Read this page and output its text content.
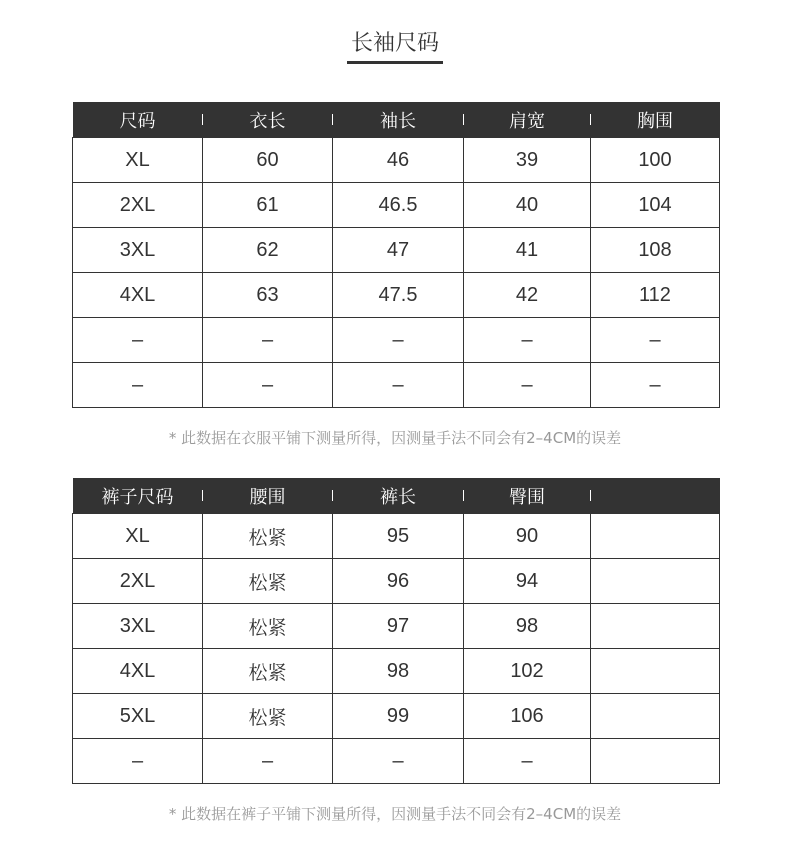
长袖尺码
尺码	衣长	袖长	肩宽	胸围
XL	60	46	39	100
2XL	61	46.5	40	104
3XL	62	47	41	108
4XL	63	47.5	42	112
–	–	–	–	–
–	–	–	–	–
* 此数据在衣服平铺下测量所得，因测量手法不同会有2–4CM的误差
裤子尺码	腰围	裤长	臀围

XL	松紧	95	90	
2XL	松紧	96	94	
3XL	松紧	97	98	
4XL	松紧	98	102	
5XL	松紧	99	106	
–	–	–	–	
* 此数据在裤子平铺下测量所得，因测量手法不同会有2–4CM的误差
